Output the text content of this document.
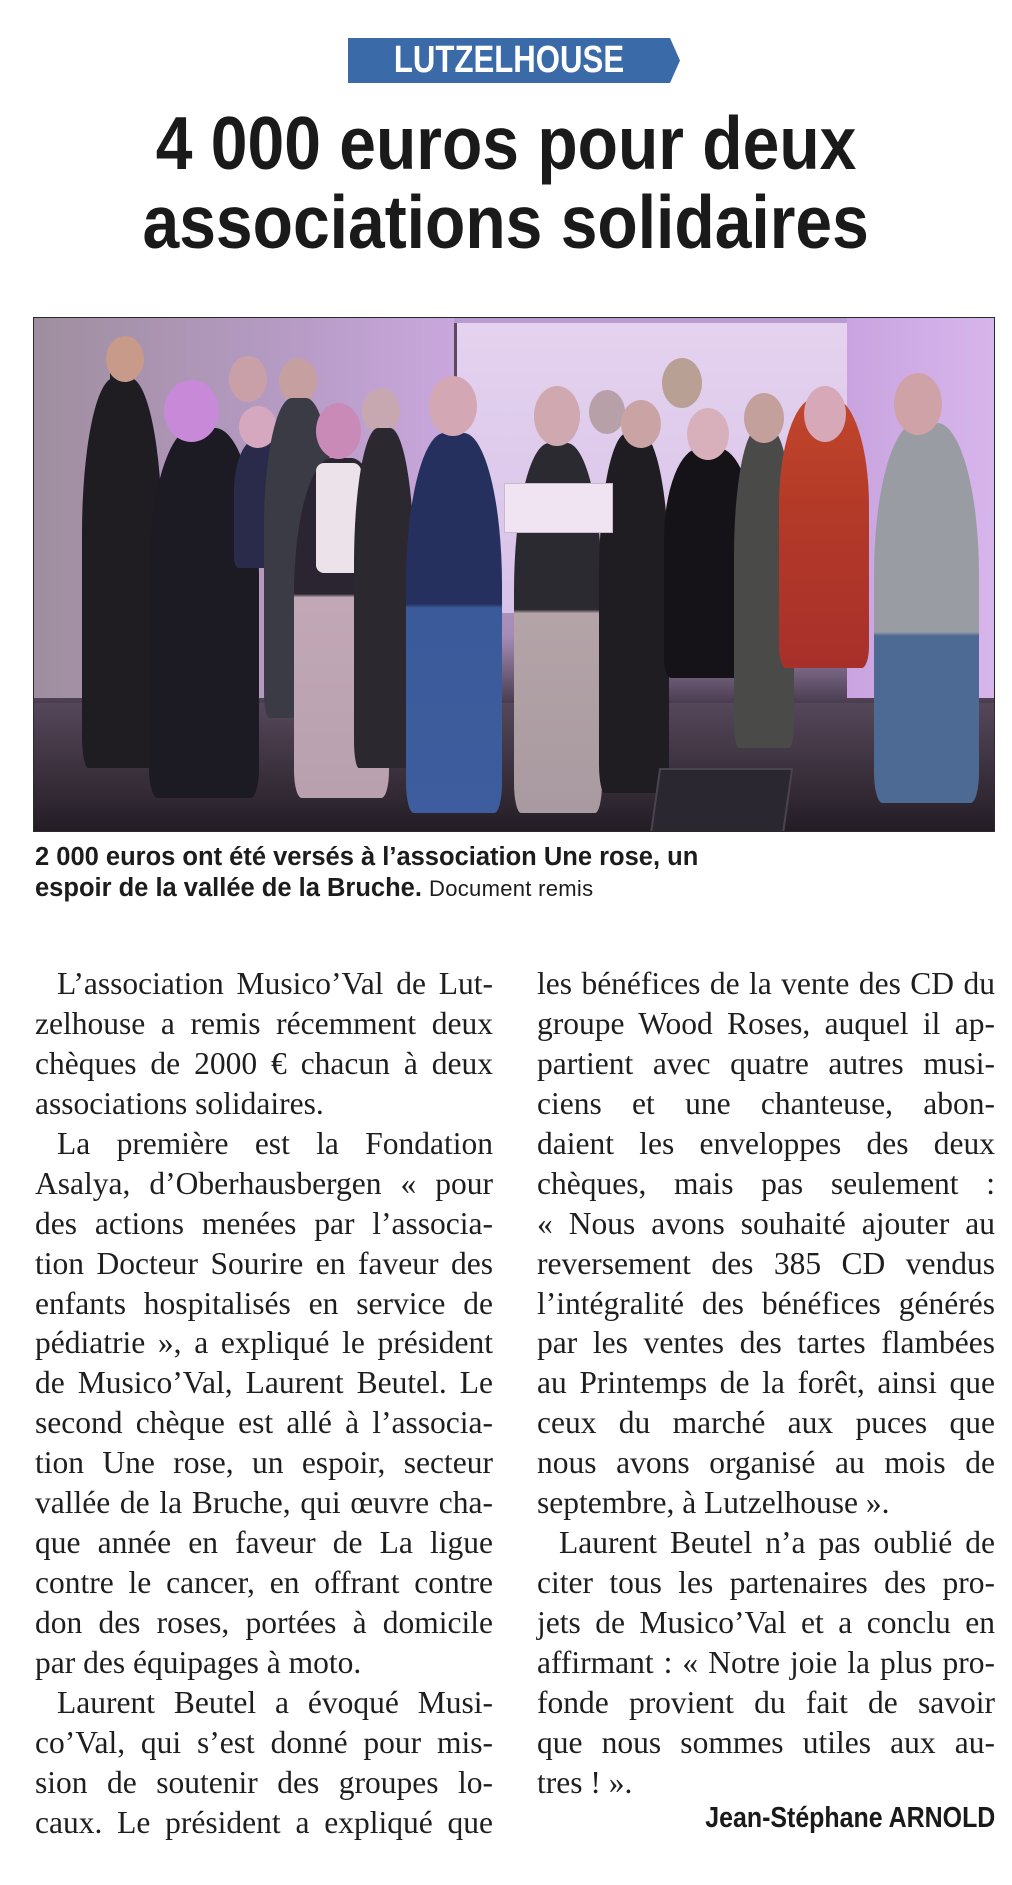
LUTZELHOUSE
4 000 euros pour deux
associations solidaires
2 000 euros ont été versés à l’association Une rose, un
espoir de la vallée de la Bruche. Document remis
L’association Musico’Val de Lut-
zelhouse a remis récemment deux
chèques de 2000 € chacun à deux
associations solidaires.
La première est la Fondation
Asalya, d’Oberhausbergen « pour
des actions menées par l’associa-
tion Docteur Sourire en faveur des
enfants hospitalisés en service de
pédiatrie », a expliqué le président
de Musico’Val, Laurent Beutel. Le
second chèque est allé à l’associa-
tion Une rose, un espoir, secteur
vallée de la Bruche, qui œuvre cha-
que année en faveur de La ligue
contre le cancer, en offrant contre
don des roses, portées à domicile
par des équipages à moto.
Laurent Beutel a évoqué Musi-
co’Val, qui s’est donné pour mis-
sion de soutenir des groupes lo-
caux. Le président a expliqué que
les bénéfices de la vente des CD du
groupe Wood Roses, auquel il ap-
partient avec quatre autres musi-
ciens et une chanteuse, abon-
daient les enveloppes des deux
chèques, mais pas seulement :
« Nous avons souhaité ajouter au
reversement des 385 CD vendus
l’intégralité des bénéfices générés
par les ventes des tartes flambées
au Printemps de la forêt, ainsi que
ceux du marché aux puces que
nous avons organisé au mois de
septembre, à Lutzelhouse ».
Laurent Beutel n’a pas oublié de
citer tous les partenaires des pro-
jets de Musico’Val et a conclu en
affirmant : « Notre joie la plus pro-
fonde provient du fait de savoir
que nous sommes utiles aux au-
tres ! ».
Jean-Stéphane ARNOLD
